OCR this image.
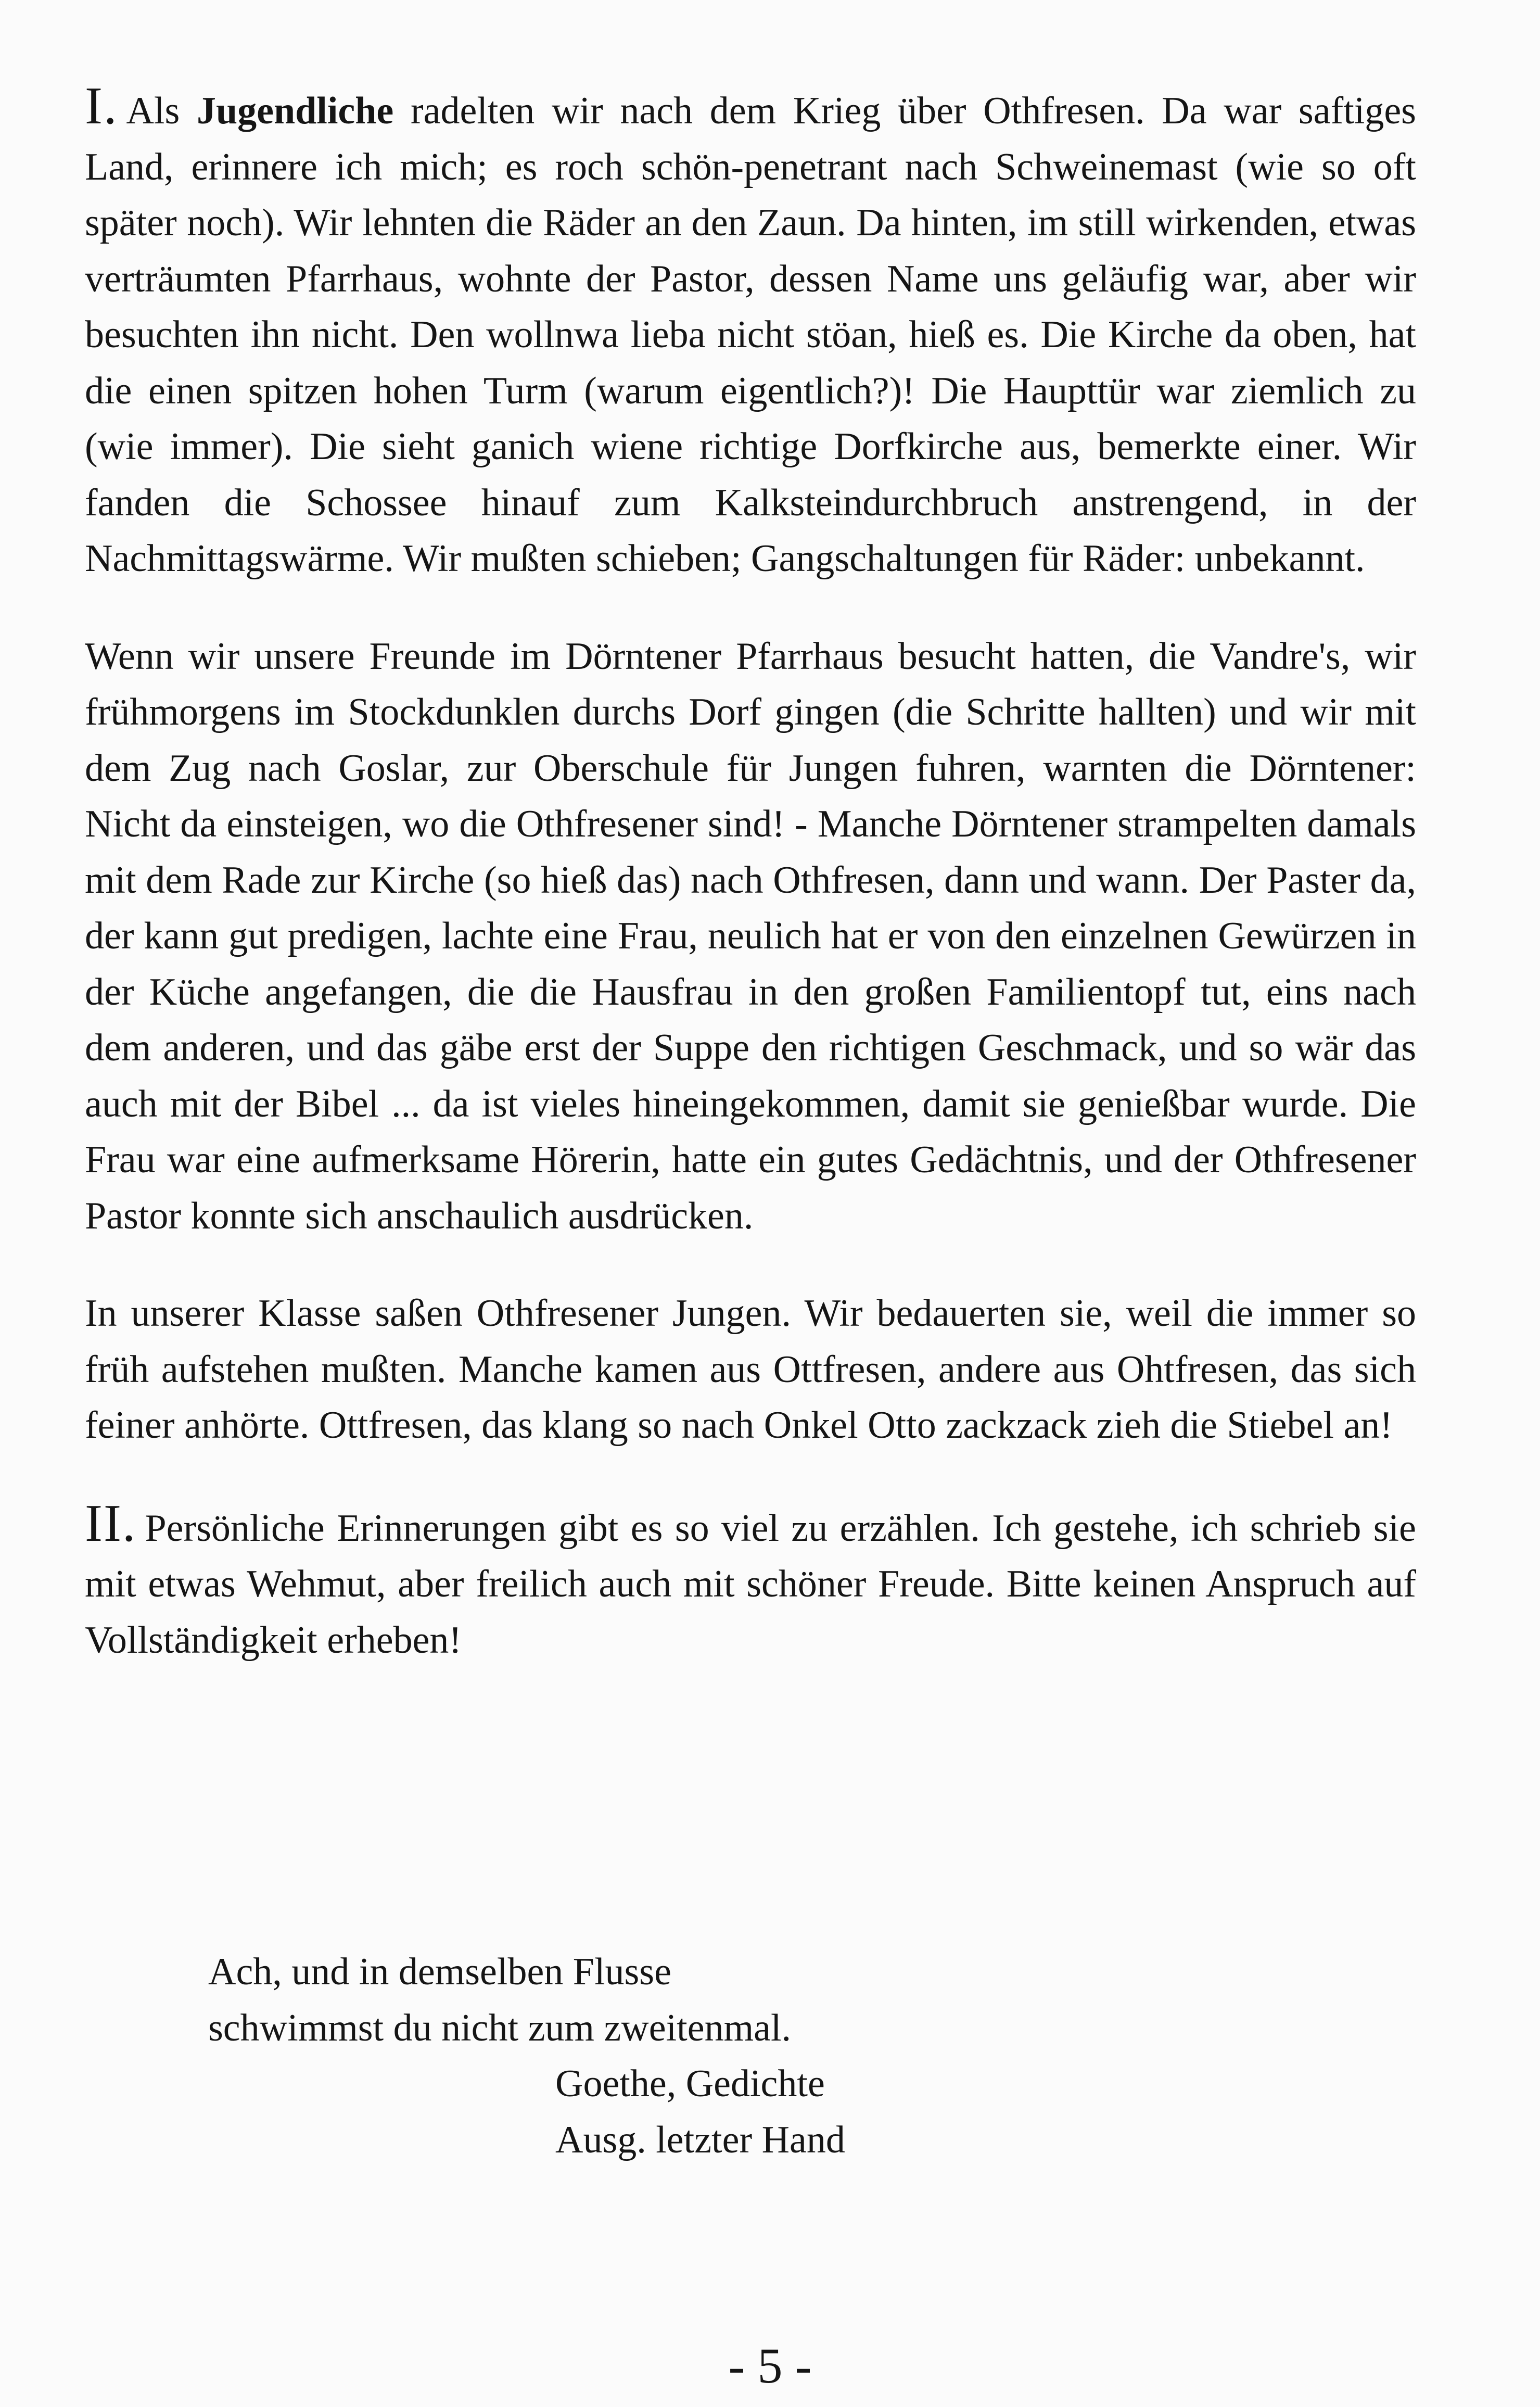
I. Als Jugendliche radelten wir nach dem Krieg über Othfresen. Da war saftiges Land, erinnere ich mich; es roch schön-penetrant nach Schweinemast (wie so oft später noch). Wir lehnten die Räder an den Zaun. Da hinten, im still wirkenden, etwas verträumten Pfarrhaus, wohnte der Pastor, dessen Name uns geläufig war, aber wir besuchten ihn nicht. Den wollnwa lieba nicht stöan, hieß es. Die Kirche da oben, hat die einen spitzen hohen Turm (warum eigentlich?)! Die Haupttür war ziemlich zu (wie immer). Die sieht ganich wiene richtige Dorfkirche aus, bemerkte einer. Wir fanden die Schossee hinauf zum Kalksteindurchbruch anstrengend, in der Nachmittagswärme. Wir mußten schieben; Gangschaltungen für Räder: unbekannt.

Wenn wir unsere Freunde im Dörntener Pfarrhaus besucht hatten, die Vandre's, wir frühmorgens im Stockdunklen durchs Dorf gingen (die Schritte hallten) und wir mit dem Zug nach Goslar, zur Oberschule für Jungen fuhren, warnten die Dörntener: Nicht da einsteigen, wo die Othfresener sind! - Manche Dörntener strampelten damals mit dem Rade zur Kirche (so hieß das) nach Othfresen, dann und wann. Der Paster da, der kann gut predigen, lachte eine Frau, neulich hat er von den einzelnen Gewürzen in der Küche angefangen, die die Hausfrau in den großen Familientopf tut, eins nach dem anderen, und das gäbe erst der Suppe den richtigen Geschmack, und so wär das auch mit der Bibel ... da ist vieles hineingekommen, damit sie genießbar wurde. Die Frau war eine aufmerksame Hörerin, hatte ein gutes Gedächtnis, und der Othfresener Pastor konnte sich anschaulich ausdrücken.

In unserer Klasse saßen Othfresener Jungen. Wir bedauerten sie, weil die immer so früh aufstehen mußten. Manche kamen aus Ottfresen, andere aus Ohtfresen, das sich feiner anhörte. Ottfresen, das klang so nach Onkel Otto zackzack zieh die Stiebel an!

II. Persönliche Erinnerungen gibt es so viel zu erzählen. Ich gestehe, ich schrieb sie mit etwas Wehmut, aber freilich auch mit schöner Freude. Bitte keinen Anspruch auf Vollständigkeit erheben!

Ach, und in demselben Flusse
schwimmst du nicht zum zweitenmal.
Goethe, Gedichte
Ausg. letzter Hand
- 5 -
